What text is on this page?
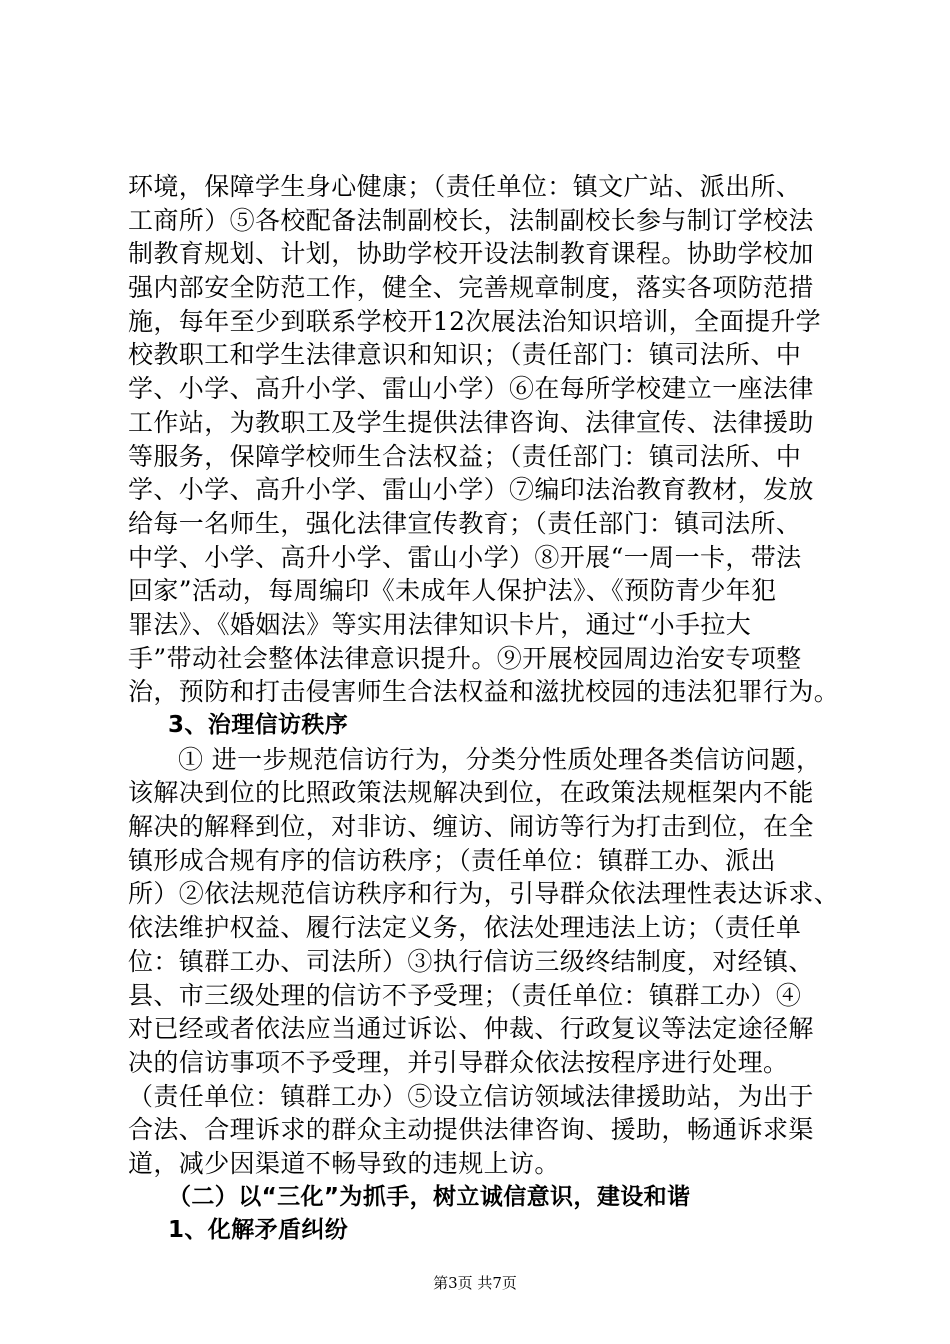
环境，保障学生身心健康；（责任单位：镇文广站、派出所、
工商所）⑤各校配备法制副校长，法制副校长参与制订学校法
制教育规划、计划，协助学校开设法制教育课程。协助学校加
强内部安全防范工作，健全、完善规章制度，落实各项防范措
施，每年至少到联系学校开12次展法治知识培训，全面提升学
校教职工和学生法律意识和知识；（责任部门：镇司法所、中
学、小学、高升小学、雷山小学）⑥在每所学校建立一座法律
工作站，为教职工及学生提供法律咨询、法律宣传、法律援助
等服务，保障学校师生合法权益；（责任部门：镇司法所、中
学、小学、高升小学、雷山小学）⑦编印法治教育教材，发放
给每一名师生，强化法律宣传教育；（责任部门：镇司法所、
中学、小学、高升小学、雷山小学）⑧开展“一周一卡，带法
回家”活动，每周编印《未成年人保护法》、《预防青少年犯
罪法》、《婚姻法》等实用法律知识卡片，通过“小手拉大
手”带动社会整体法律意识提升。⑨开展校园周边治安专项整
治，预防和打击侵害师生合法权益和滋扰校园的违法犯罪行为。
3、治理信访秩序
① 进一步规范信访行为，分类分性质处理各类信访问题，
该解决到位的比照政策法规解决到位，在政策法规框架内不能
解决的解释到位，对非访、缠访、闹访等行为打击到位，在全
镇形成合规有序的信访秩序；（责任单位：镇群工办、派出
所）②依法规范信访秩序和行为，引导群众依法理性表达诉求、
依法维护权益、履行法定义务，依法处理违法上访；（责任单
位：镇群工办、司法所）③执行信访三级终结制度，对经镇、
县、市三级处理的信访不予受理；（责任单位：镇群工办）④
对已经或者依法应当通过诉讼、仲裁、行政复议等法定途径解
决的信访事项不予受理，并引导群众依法按程序进行处理。
（责任单位：镇群工办）⑤设立信访领域法律援助站，为出于
合法、合理诉求的群众主动提供法律咨询、援助，畅通诉求渠
道，减少因渠道不畅导致的违规上访。
（二）以“三化”为抓手，树立诚信意识，建设和谐
1、化解矛盾纠纷
第3页 共7页
